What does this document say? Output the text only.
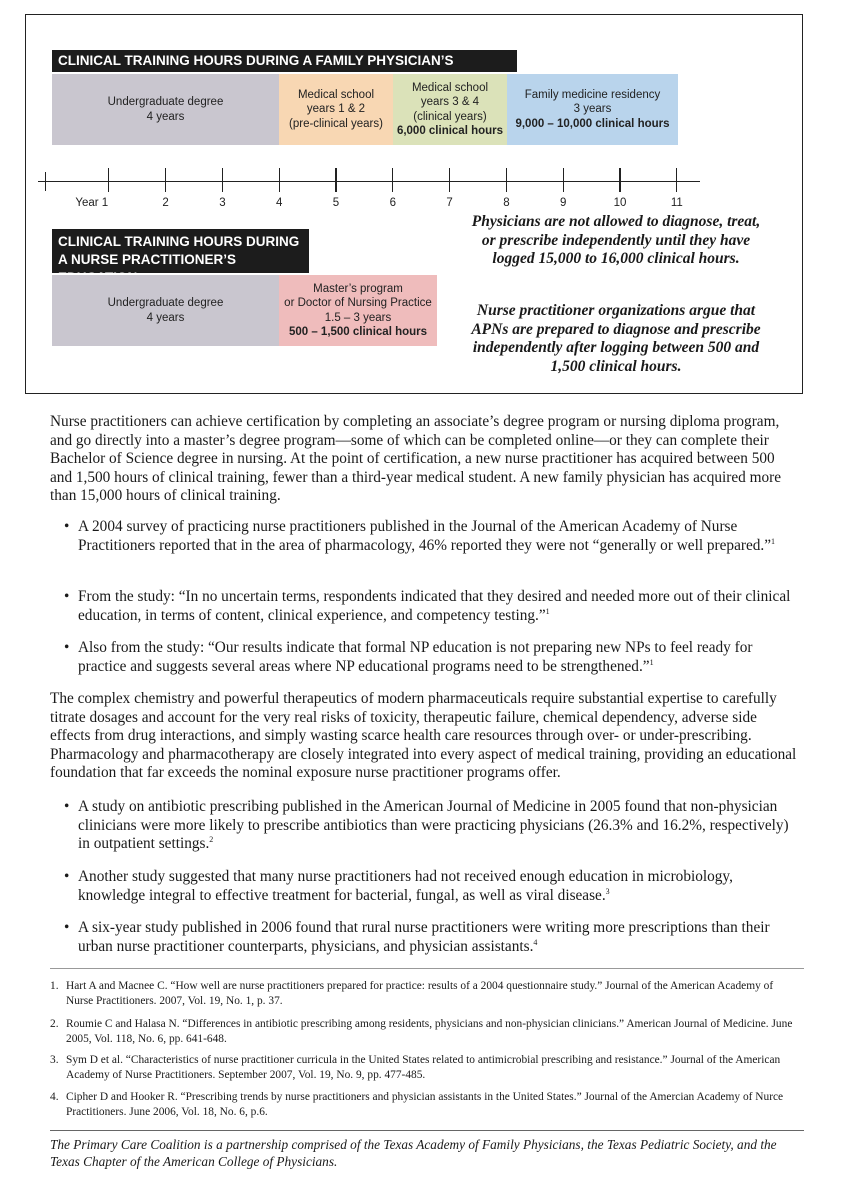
CLINICAL TRAINING HOURS DURING A FAMILY PHYSICIAN’S
Undergraduate degree
4 years
Medical school
years 1 & 2
(pre-clinical years)
Medical school
years 3 & 4
(clinical years)
6,000 clinical hours
Family medicine residency
3 years
9,000 – 10,000 clinical hours
Year 1	2	3	4	5	6	7	8	9	10	11
CLINICAL TRAINING HOURS DURING
A NURSE PRACTITIONER’S
Undergraduate degree
4 years
Master’s program
or Doctor of Nursing Practice
1.5 – 3 years
500 – 1,500 clinical hours
Physicians are not allowed to diagnose, treat, or prescribe independently until they have logged 15,000 to 16,000 clinical hours.
Nurse practitioner organizations argue that APNs are prepared to diagnose and prescribe independently after logging between 500 and 1,500 clinical hours.
Nurse practitioners can achieve certification by completing an associate’s degree program or nursing diploma program, and go directly into a master’s degree program—some of which can be completed online—or they can complete their Bachelor of Science degree in nursing. At the point of certification, a new nurse practitioner has acquired between 500 and 1,500 hours of clinical training, fewer than a third-year medical student. A new family physician has acquired more than 15,000 hours of clinical training.
• A 2004 survey of practicing nurse practitioners published in the Journal of the American Academy of Nurse Practitioners reported that in the area of pharmacology, 46% reported they were not “generally or well prepared.”$^1$
• From the study: “In no uncertain terms, respondents indicated that they desired and needed more out of their clinical education, in terms of content, clinical experience, and competency testing.”$^1$
• Also from the study: “Our results indicate that formal NP education is not preparing new NPs to feel ready for practice and suggests several areas where NP educational programs need to be strengthened.”$^1$
The complex chemistry and powerful therapeutics of modern pharmaceuticals require substantial expertise to carefully titrate dosages and account for the very real risks of toxicity, therapeutic failure, chemical dependency, adverse side effects from drug interactions, and simply wasting scarce health care resources through over- or under-prescribing. Pharmacology and pharmacotherapy are closely integrated into every aspect of medical training, providing an educational foundation that far exceeds the nominal exposure nurse practitioner programs offer.
• A study on antibiotic prescribing published in the American Journal of Medicine in 2005 found that non-physician clinicians were more likely to prescribe antibiotics than were practicing physicians (26.3% and 16.2%, respectively) in outpatient settings.$^2$
• Another study suggested that many nurse practitioners had not received enough education in microbiology, knowledge integral to effective treatment for bacterial, fungal, as well as viral disease.$^3$
• A six-year study published in 2006 found that rural nurse practitioners were writing more prescriptions than their urban nurse practitioner counterparts, physicians, and physician assistants.$^4$
1. Hart A and Macnee C. “How well are nurse practitioners prepared for practice: results of a 2004 questionnaire study.” Journal of the American Academy of Nurse Practitioners. 2007, Vol. 19, No. 1, p. 37.
2. Roumie C and Halasa N. “Differences in antibiotic prescribing among residents, physicians and non-physician clinicians.” American Journal of Medicine. June 2005, Vol. 118, No. 6, pp. 641-648.
3. Sym D et al. “Characteristics of nurse practitioner curricula in the United States related to antimicrobial prescribing and resistance.” Journal of the American Academy of Nurse Practitioners. September 2007, Vol. 19, No. 9, pp. 477-485.
4. Cipher D and Hooker R. “Prescribing trends by nurse practitioners and physician assistants in the United States.” Journal of the Amercian Academy of Nurce Practitioners. June 2006, Vol. 18, No. 6, p.6.
The Primary Care Coalition is a partnership comprised of the Texas Academy of Family Physicians, the Texas Pediatric Society, and the Texas Chapter of the American College of Physicians.
